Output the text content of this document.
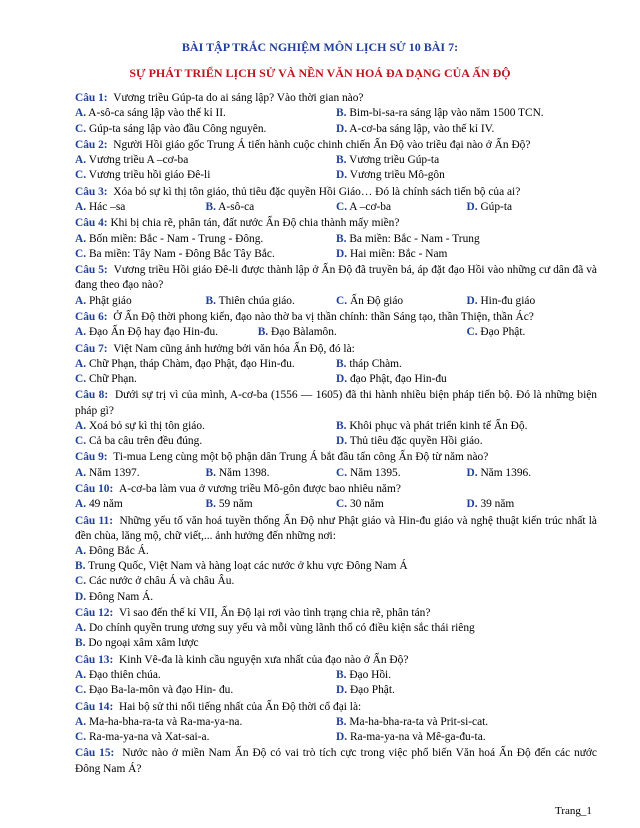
BÀI TẬP TRẮC NGHIỆM MÔN LỊCH SỬ 10 BÀI 7:
SỰ PHÁT TRIỂN LỊCH SỬ VÀ NỀN VĂN HOÁ ĐA DẠNG CỦA ẤN ĐỘ
Câu 1: Vương triều Gúp-ta do ai sáng lập? Vào thời gian nào?
A. A-sô-ca sáng lập vào thế kỉ II.	B. Bim-bi-sa-ra sáng lập vào năm 1500 TCN.
C. Gúp-ta sáng lập vào đầu Công nguyên.	D. A-cơ-ba sáng lập, vào thế kỉ IV.
Câu 2: Người Hồi giáo gốc Trung Á tiến hành cuộc chinh chiến Ấn Độ vào triều đại nào ở Ấn Độ?
A. Vương triều A –cơ-ba	B. Vương triều Gúp-ta
C. Vương triều hồi giáo Đê-li	D. Vương triều Mô-gôn
Câu 3: Xóa bỏ sự kì thị tôn giáo, thủ tiêu đặc quyền Hồi Giáo… Đó là chính sách tiến bộ của ai?
A. Hác –sa	B. A-sô-ca	C. A –cơ-ba	D. Gúp-ta
Câu 4: Khi bị chia rẽ, phân tán, đất nước Ấn Độ chia thành mấy miền?
A. Bốn miền: Bắc - Nam - Trung - Đông.	B. Ba miền: Bắc - Nam - Trung
C. Ba miền: Tây Nam - Đông Bắc Tây Bắc.	D. Hai miền: Bắc - Nam
Câu 5: Vương triều Hồi giáo Đê-li được thành lập ở Ấn Độ đã truyền bá, áp đặt đạo Hồi vào những cư dân đã và đang theo đạo nào?
A. Phật giáo	B. Thiên chúa giáo.	C. Ấn Độ giáo	D. Hin-đu giáo
Câu 6: Ở Ấn Độ thời phong kiến, đạo nào thờ ba vị thần chính: thần Sáng tạo, thần Thiện, thần Ác?
A. Đạo Ấn Độ hay đạo Hin-đu.	B. Đạo Bàlamôn.	C. Đạo Phật.
Câu 7: Việt Nam cũng ảnh hưởng bởi văn hóa Ấn Độ, đó là:
A. Chữ Phạn, tháp Chàm, đạo Phật, đạo Hin-đu.	B. tháp Chàm.
C. Chữ Phạn.	D. đạo Phật, đạo Hin-đu
Câu 8: Dưới sự trị vì của mình, A-cơ-ba (1556 — 1605) đã thi hành nhiều biện pháp tiến bộ. Đó là những biện pháp gì?
A. Xoá bỏ sự kì thị tôn giáo.	B. Khôi phục và phát triển kinh tế Ấn Độ.
C. Cả ba câu trên đều đúng.	D. Thủ tiêu đặc quyền Hồi giáo.
Câu 9: Ti-mua Leng cùng một bộ phận dân Trung Á bắt đầu tấn công Ấn Độ từ năm nào?
A. Năm 1397.	B. Năm 1398.	C. Năm 1395.	D. Năm 1396.
Câu 10: A-cơ-ba làm vua ở vương triều Mô-gôn được bao nhiêu năm?
A. 49 năm	B. 59 năm	C. 30 năm	D. 39 năm
Câu 11: Những yếu tố văn hoá tuyền thống Ấn Độ như Phật giáo và Hin-đu giáo và nghệ thuật kiến trúc nhất là đền chùa, lăng mộ, chữ viết,... ảnh hưởng đến những nơi:
A. Đông Bắc Á.
B. Trung Quốc, Việt Nam và hàng loạt các nước ở khu vực Đông Nam Á
C. Các nước ở châu Á và châu Âu.
D. Đông Nam Á.
Câu 12: Vì sao đến thế kỉ VII, Ấn Độ lại rơi vào tình trạng chia rẽ, phân tán?
A. Do chính quyền trung ương suy yếu và mỗi vùng lãnh thổ có điều kiện sắc thái riêng
B. Do ngoại xâm xâm lược
Câu 13: Kinh Vê-đa là kinh cầu nguyện xưa nhất của đạo nào ở Ấn Độ?
A. Đạo thiên chúa.	B. Đạo Hồi.
C. Đạo Ba-la-môn và đạo Hin- đu.	D. Đạo Phật.
Câu 14: Hai bộ sử thi nổi tiếng nhất của Ấn Độ thời cổ đại là:
A. Ma-ha-bha-ra-ta và Ra-ma-ya-na.	B. Ma-ha-bha-ra-ta và Prit-si-cat.
C. Ra-ma-ya-na và Xat-sai-a.	D. Ra-ma-ya-na và Mê-ga-đu-ta.
Câu 15: Nước nào ở miền Nam Ấn Độ có vai trò tích cực trong việc phổ biến Văn hoá Ấn Độ đến các nước Đông Nam Á?
Trang_1
